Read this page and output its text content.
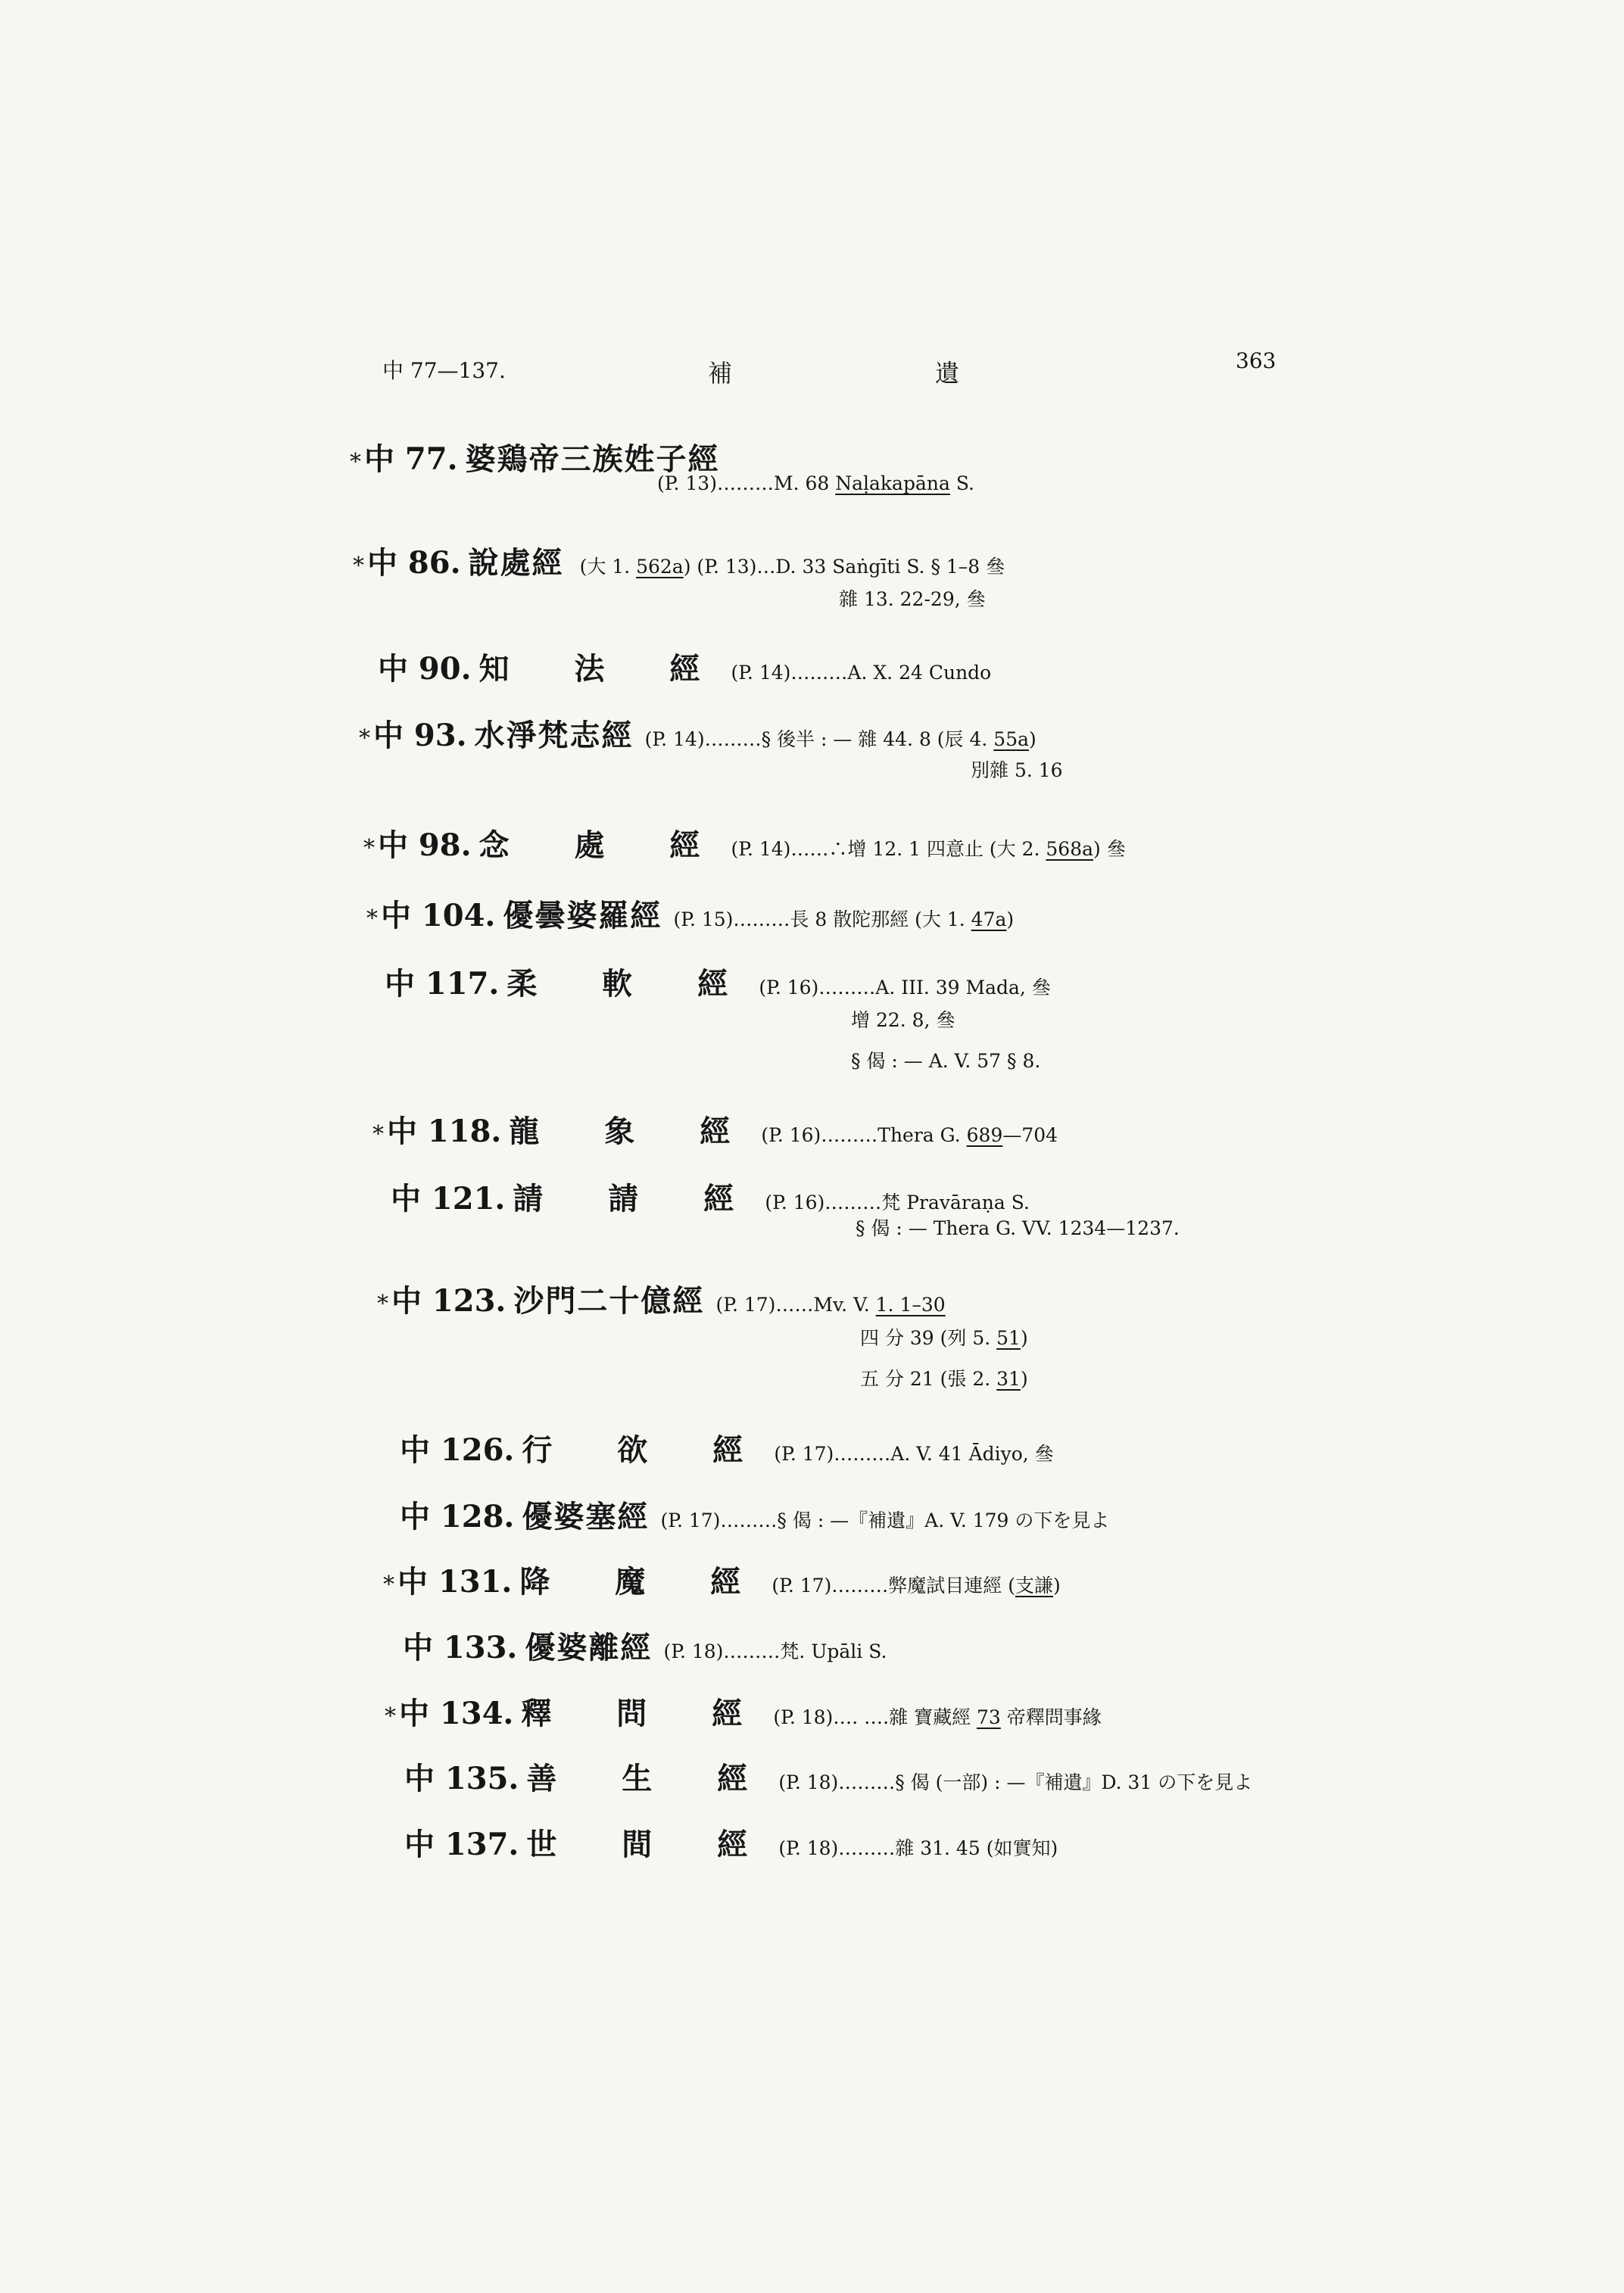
中 77—137.	補	遺	363
* 中 77. 婆鶏帝三族姓子經
(P. 13)………M. 68 Naḷakapāna S.
* 中 86. 說處經 (大 1. 562a) (P. 13)…D. 33 Saṅgīti S. § 1–8 叄
雜 13. 22-29, 叄
中 90. 知 法 經 (P. 14)………A. X. 24 Cundo
* 中 93. 水淨梵志經 (P. 14)………§ 後半 : — 雜 44. 8 (辰 4. 55a)
別雜 5. 16
* 中 98. 念 處 經 (P. 14)……∴增 12. 1 四意止 (大 2. 568a) 叄
* 中 104. 優曇婆羅經 (P. 15)………長 8 散陀那經 (大 1. 47a)
中 117. 柔 軟 經 (P. 16)………A. III. 39 Mada, 叄
增 22. 8, 叄
§ 偈 : — A. V. 57 § 8.
* 中 118. 龍 象 經 (P. 16)………Thera G. 689—704
中 121. 請 請 經 (P. 16)………梵 Pravāraṇa S.
§ 偈 : — Thera G. VV. 1234—1237.
* 中 123. 沙門二十億經 (P. 17)……Mv. V. 1. 1–30
四 分 39 (列 5. 51)
五 分 21 (張 2. 31)
中 126. 行 欲 經 (P. 17)………A. V. 41 Ādiyo, 叄
中 128. 優婆塞經 (P. 17)………§ 偈 : —『補遺』A. V. 179 の下を見よ
* 中 131. 降 魔 經 (P. 17)………弊魔試目連經 (支謙)
中 133. 優婆離經 (P. 18)………梵. Upāli S.
* 中 134. 釋 問 經 (P. 18)…. ….雜 寶藏經 73 帝釋問事緣
中 135. 善 生 經 (P. 18)………§ 偈 (一部) : —『補遺』D. 31 の下を見よ
中 137. 世 間 經 (P. 18)………雜 31. 45 (如實知)
